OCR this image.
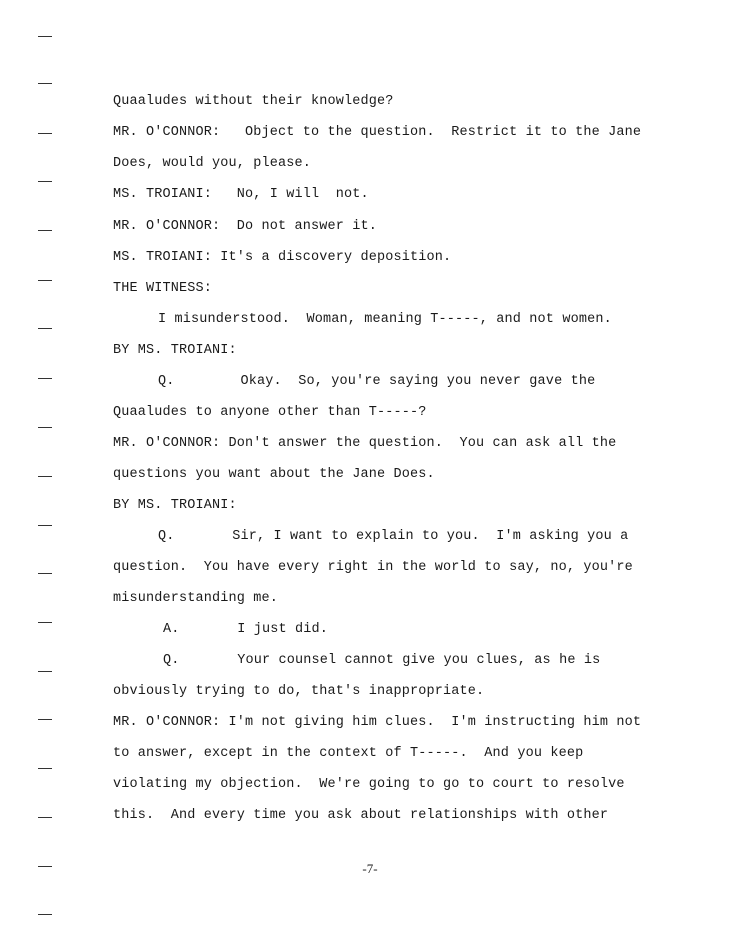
Quaaludes without their knowledge?
MR. O'CONNOR:   Object to the question.  Restrict it to the Jane
Does, would you, please.
MS. TROIANI:   No, I will  not.
MR. O'CONNOR:  Do not answer it.
MS. TROIANI: It's a discovery deposition.
THE WITNESS:
I misunderstood.  Woman, meaning T-----, and not women.
BY MS. TROIANI:
Q.        Okay.  So, you're saying you never gave the
Quaaludes to anyone other than T-----?
MR. O'CONNOR: Don't answer the question.  You can ask all the
questions you want about the Jane Does.
BY MS. TROIANI:
Q.       Sir, I want to explain to you.  I'm asking you a
question.  You have every right in the world to say, no, you're
misunderstanding me.
A.       I just did.
Q.       Your counsel cannot give you clues, as he is
obviously trying to do, that's inappropriate.
MR. O'CONNOR: I'm not giving him clues.  I'm instructing him not
to answer, except in the context of T-----.  And you keep
violating my objection.  We're going to go to court to resolve
this.  And every time you ask about relationships with other
-7-
